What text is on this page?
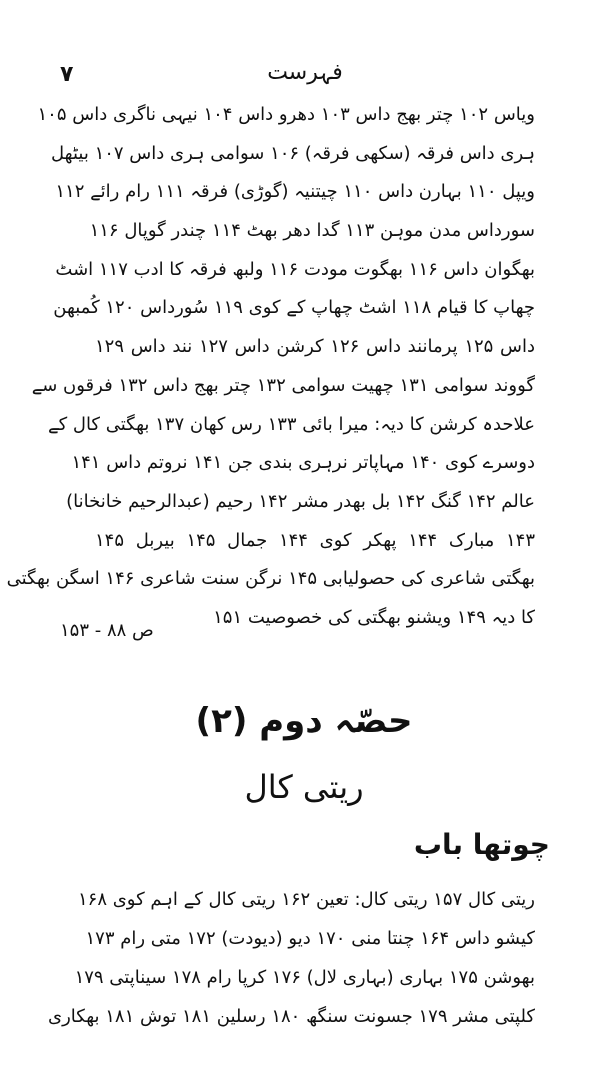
۷	فہرست
ویاس ۱۰۲ چتر بھج داس ۱۰۳ دھرو داس ۱۰۴ نیہی ناگری داس ۱۰۵
ہری داس فرقہ (سکھی فرقہ) ۱۰۶ سوامی ہری داس ۱۰۷ بیٹھل
ویپل ۱۱۰ بہارن داس ۱۱۰ چیتنیہ (گوڑی) فرقہ ۱۱۱ رام رائے ۱۱۲
سورداس مدن موہن ۱۱۳ گدا دھر بھٹ ۱۱۴ چندر گوپال ۱۱۶
بھگوان داس ۱۱۶ بھگوت مودت ۱۱۶ ولبھ فرقہ کا ادب ۱۱۷ اشٹ
چھاپ کا قیام ۱۱۸ اشٹ چھاپ کے کوی ۱۱۹ سُورداس ۱۲۰ کُمبھن
داس ۱۲۵ پرمانند داس ۱۲۶ کرشن داس ۱۲۷ نند داس ۱۲۹
گووند سوامی ۱۳۱ چھیت سوامی ۱۳۲ چتر بھج داس ۱۳۲ فرقوں سے
علاحدہ کرشن کا دیہ: میرا بائی ۱۳۳ رس کھان ۱۳۷ بھگتی کال کے
دوسرے کوی ۱۴۰ مہاپاتر نرہری بندی جن ۱۴۱ نروتم داس ۱۴۱
عالم ۱۴۲ گنگ ۱۴۲ بل بھدر مشر ۱۴۲ رحیم (عبدالرحیم خانخانا)
۱۴۳ مبارک ۱۴۴ پھکر کوی ۱۴۴ جمال ۱۴۵ بیربل ۱۴۵
بھگتی شاعری کی حصولیابی ۱۴۵ نرگن سنت شاعری ۱۴۶ اسگن بھگتی
کا دیہ ۱۴۹ ویشنو بھگتی کی خصوصیت ۱۵۱
ص ۸۸ - ۱۵۳
حصّہ دوم (۲)
ریتی کال
چوتھا باب
ریتی کال ۱۵۷ ریتی کال: تعین ۱۶۲ ریتی کال کے اہم کوی ۱۶۸
کیشو داس ۱۶۴ چنتا منی ۱۷۰ دیو (دیودت) ۱۷۲ متی رام ۱۷۳
بھوشن ۱۷۵ بہاری (بہاری لال) ۱۷۶ کرپا رام ۱۷۸ سیناپتی ۱۷۹
کلپتی مشر ۱۷۹ جسونت سنگھ ۱۸۰ رسلین ۱۸۱ توش ۱۸۱ بھکاری
